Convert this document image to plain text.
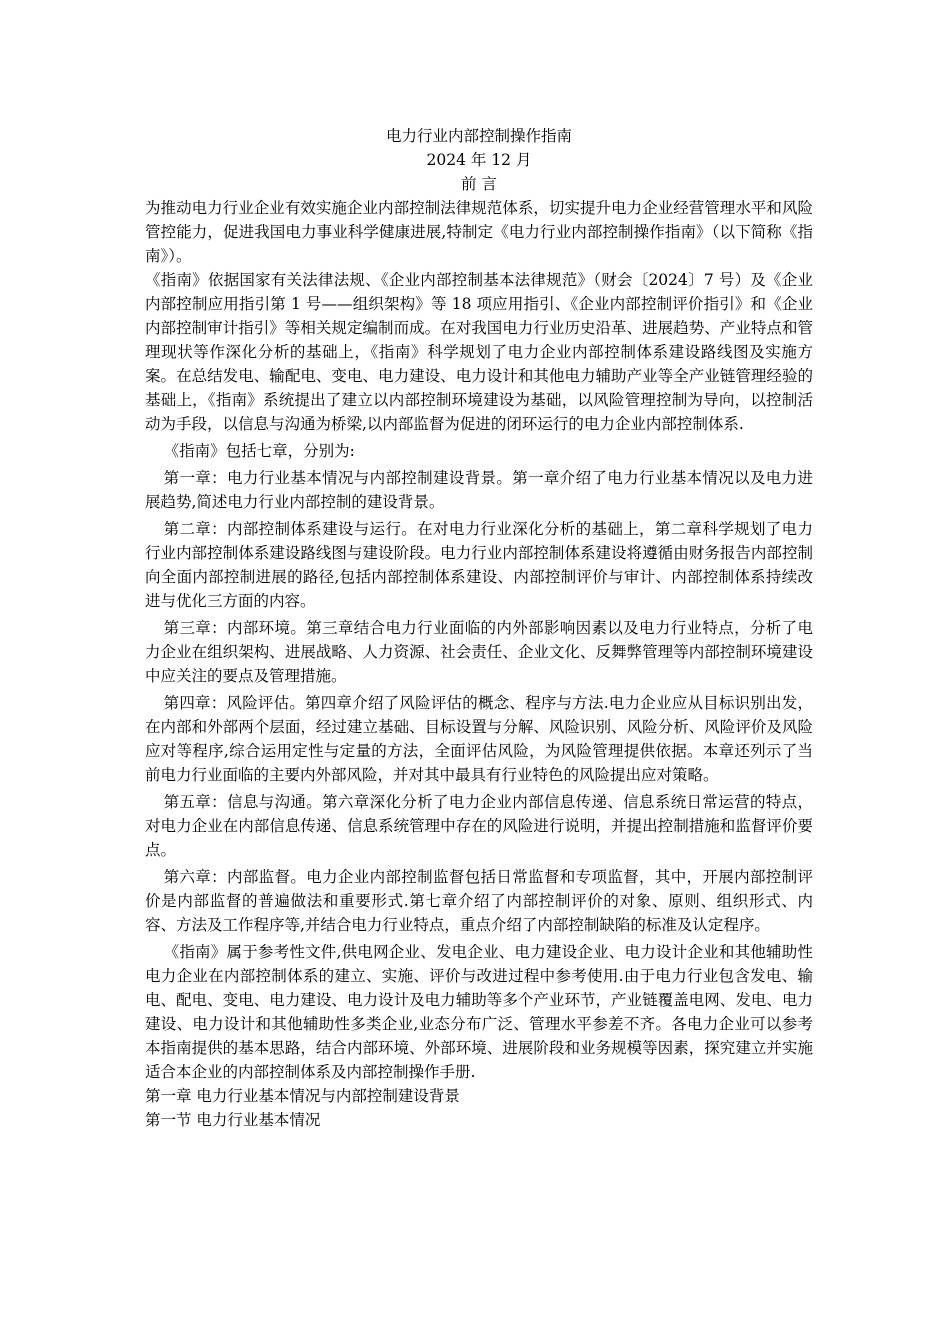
电力行业内部控制操作指南
2024 年 12 月
前 言

为推动电力行业企业有效实施企业内部控制法律规范体系，切实提升电力企业经营管理水平和风险管控能力，促进我国电力事业科学健康进展,特制定《电力行业内部控制操作指南》（以下简称《指南》）。

《指南》依据国家有关法律法规、《企业内部控制基本法律规范》（财会〔2024〕7 号）及《企业内部控制应用指引第 1 号——组织架构》等 18 项应用指引、《企业内部控制评价指引》和《企业内部控制审计指引》等相关规定编制而成。在对我国电力行业历史沿革、进展趋势、产业特点和管理现状等作深化分析的基础上，《指南》科学规划了电力企业内部控制体系建设路线图及实施方案。在总结发电、输配电、变电、电力建设、电力设计和其他电力辅助产业等全产业链管理经验的基础上，《指南》系统提出了建立以内部控制环境建设为基础，以风险管理控制为导向，以控制活动为手段，以信息与沟通为桥梁,以内部监督为促进的闭环运行的电力企业内部控制体系.

《指南》包括七章，分别为:

第一章：电力行业基本情况与内部控制建设背景。第一章介绍了电力行业基本情况以及电力进展趋势,简述电力行业内部控制的建设背景。

第二章：内部控制体系建设与运行。在对电力行业深化分析的基础上，第二章科学规划了电力行业内部控制体系建设路线图与建设阶段。电力行业内部控制体系建设将遵循由财务报告内部控制向全面内部控制进展的路径,包括内部控制体系建设、内部控制评价与审计、内部控制体系持续改进与优化三方面的内容。

第三章：内部环境。第三章结合电力行业面临的内外部影响因素以及电力行业特点，分析了电力企业在组织架构、进展战略、人力资源、社会责任、企业文化、反舞弊管理等内部控制环境建设中应关注的要点及管理措施。

第四章：风险评估。第四章介绍了风险评估的概念、程序与方法.电力企业应从目标识别出发，在内部和外部两个层面，经过建立基础、目标设置与分解、风险识别、风险分析、风险评价及风险应对等程序,综合运用定性与定量的方法，全面评估风险，为风险管理提供依据。本章还列示了当前电力行业面临的主要内外部风险，并对其中最具有行业特色的风险提出应对策略。

第五章：信息与沟通。第六章深化分析了电力企业内部信息传递、信息系统日常运营的特点，对电力企业在内部信息传递、信息系统管理中存在的风险进行说明，并提出控制措施和监督评价要点。

第六章：内部监督。电力企业内部控制监督包括日常监督和专项监督，其中，开展内部控制评价是内部监督的普遍做法和重要形式.第七章介绍了内部控制评价的对象、原则、组织形式、内容、方法及工作程序等,并结合电力行业特点，重点介绍了内部控制缺陷的标准及认定程序。

《指南》属于参考性文件,供电网企业、发电企业、电力建设企业、电力设计企业和其他辅助性电力企业在内部控制体系的建立、实施、评价与改进过程中参考使用.由于电力行业包含发电、输电、配电、变电、电力建设、电力设计及电力辅助等多个产业环节，产业链覆盖电网、发电、电力建设、电力设计和其他辅助性多类企业,业态分布广泛、管理水平参差不齐。各电力企业可以参考本指南提供的基本思路，结合内部环境、外部环境、进展阶段和业务规模等因素，探究建立并实施适合本企业的内部控制体系及内部控制操作手册.

第一章 电力行业基本情况与内部控制建设背景

第一节 电力行业基本情况
